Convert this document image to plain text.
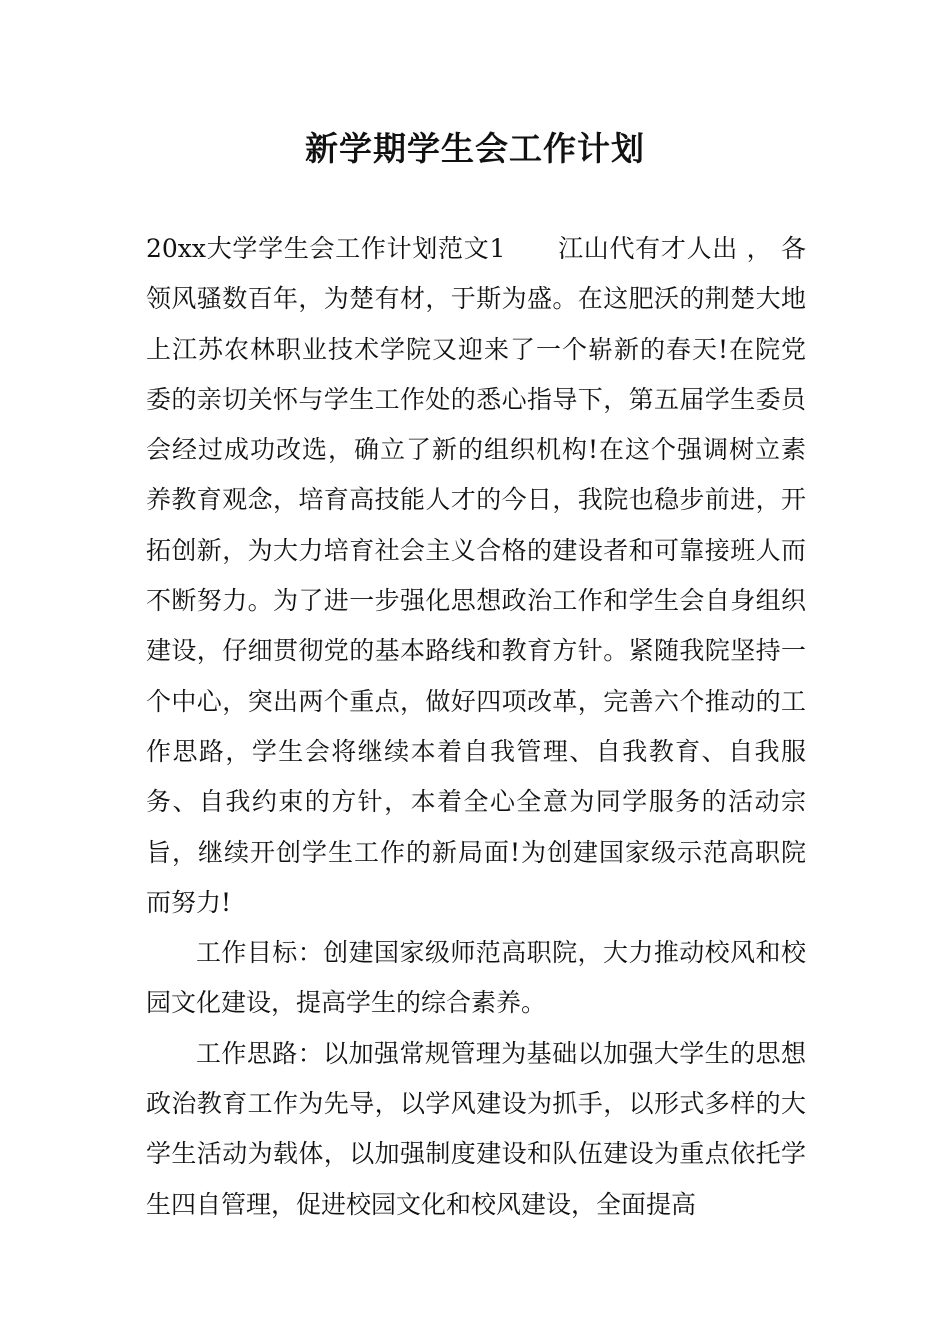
新学期学生会工作计划

20xx大学学生会工作计划范文1 江山代有才人出 ， 各领风骚数百年，为楚有材，于斯为盛。在这肥沃的荆楚大地上江苏农林职业技术学院又迎来了一个崭新的春天!在院党委的亲切关怀与学生工作处的悉心指导下，第五届学生委员会经过成功改选，确立了新的组织机构!在这个强调树立素养教育观念，培育高技能人才的今日，我院也稳步前进，开拓创新，为大力培育社会主义合格的建设者和可靠接班人而不断努力。为了进一步强化思想政治工作和学生会自身组织建设，仔细贯彻党的基本路线和教育方针。紧随我院坚持一个中心，突出两个重点，做好四项改革，完善六个推动的工作思路，学生会将继续本着自我管理、自我教育、自我服务、自我约束的方针，本着全心全意为同学服务的活动宗旨，继续开创学生工作的新局面!为创建国家级示范高职院而努力!

工作目标：创建国家级师范高职院，大力推动校风和校园文化建设，提高学生的综合素养。

工作思路：以加强常规管理为基础以加强大学生的思想政治教育工作为先导，以学风建设为抓手，以形式多样的大学生活动为载体，以加强制度建设和队伍建设为重点依托学生四自管理，促进校园文化和校风建设，全面提高
